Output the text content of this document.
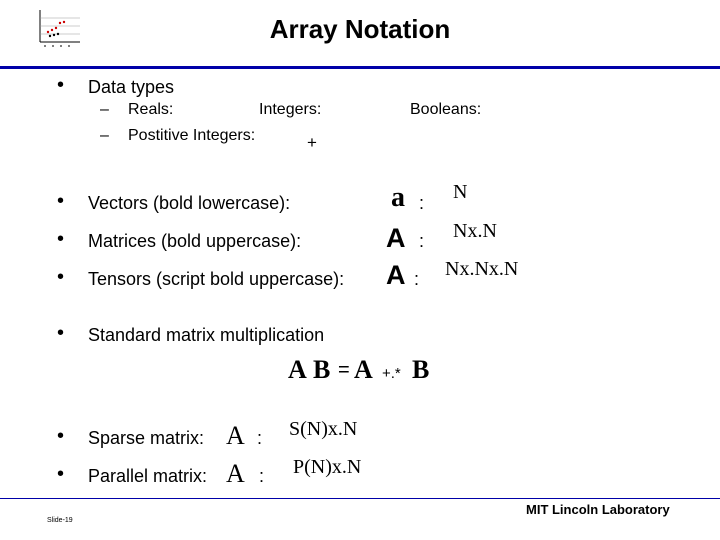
Array Notation
• Data types
– Reals:	Integers:	Booleans:
– Postitive Integers:	+
• Vectors (bold lowercase):	a : N
• Matrices (bold uppercase):	A : Nx.N
• Tensors (script bold uppercase): A : Nx.Nx.N
• Standard matrix multiplication
A B = A +.* B
• Sparse matrix: A : S(N)x.N
• Parallel matrix: A : P(N)x.N
Slide-19
MIT Lincoln Laboratory
